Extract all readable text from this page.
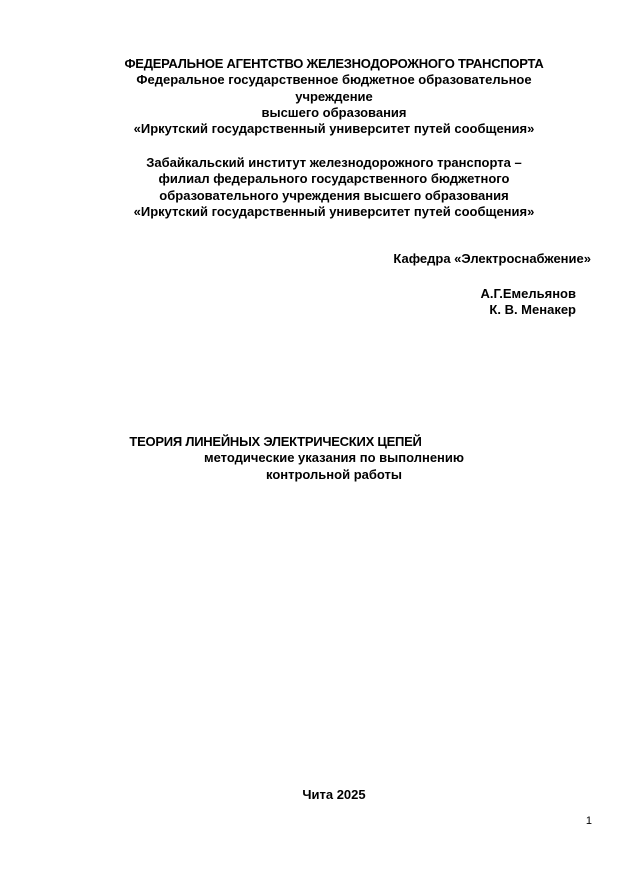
ФЕДЕРАЛЬНОЕ АГЕНТСТВО ЖЕЛЕЗНОДОРОЖНОГО ТРАНСПОРТА
Федеральное государственное бюджетное образовательное
учреждение
высшего образования
«Иркутский государственный университет путей сообщения»
Забайкальский институт железнодорожного транспорта –
филиал федерального государственного бюджетного
образовательного учреждения высшего образования
«Иркутский государственный университет путей сообщения»
Кафедра «Электроснабжение»
А.Г.Емельянов
К. В. Менакер
ТЕОРИЯ ЛИНЕЙНЫХ ЭЛЕКТРИЧЕСКИХ ЦЕПЕЙ
методические указания по выполнению
контрольной работы
Чита 2025
1
